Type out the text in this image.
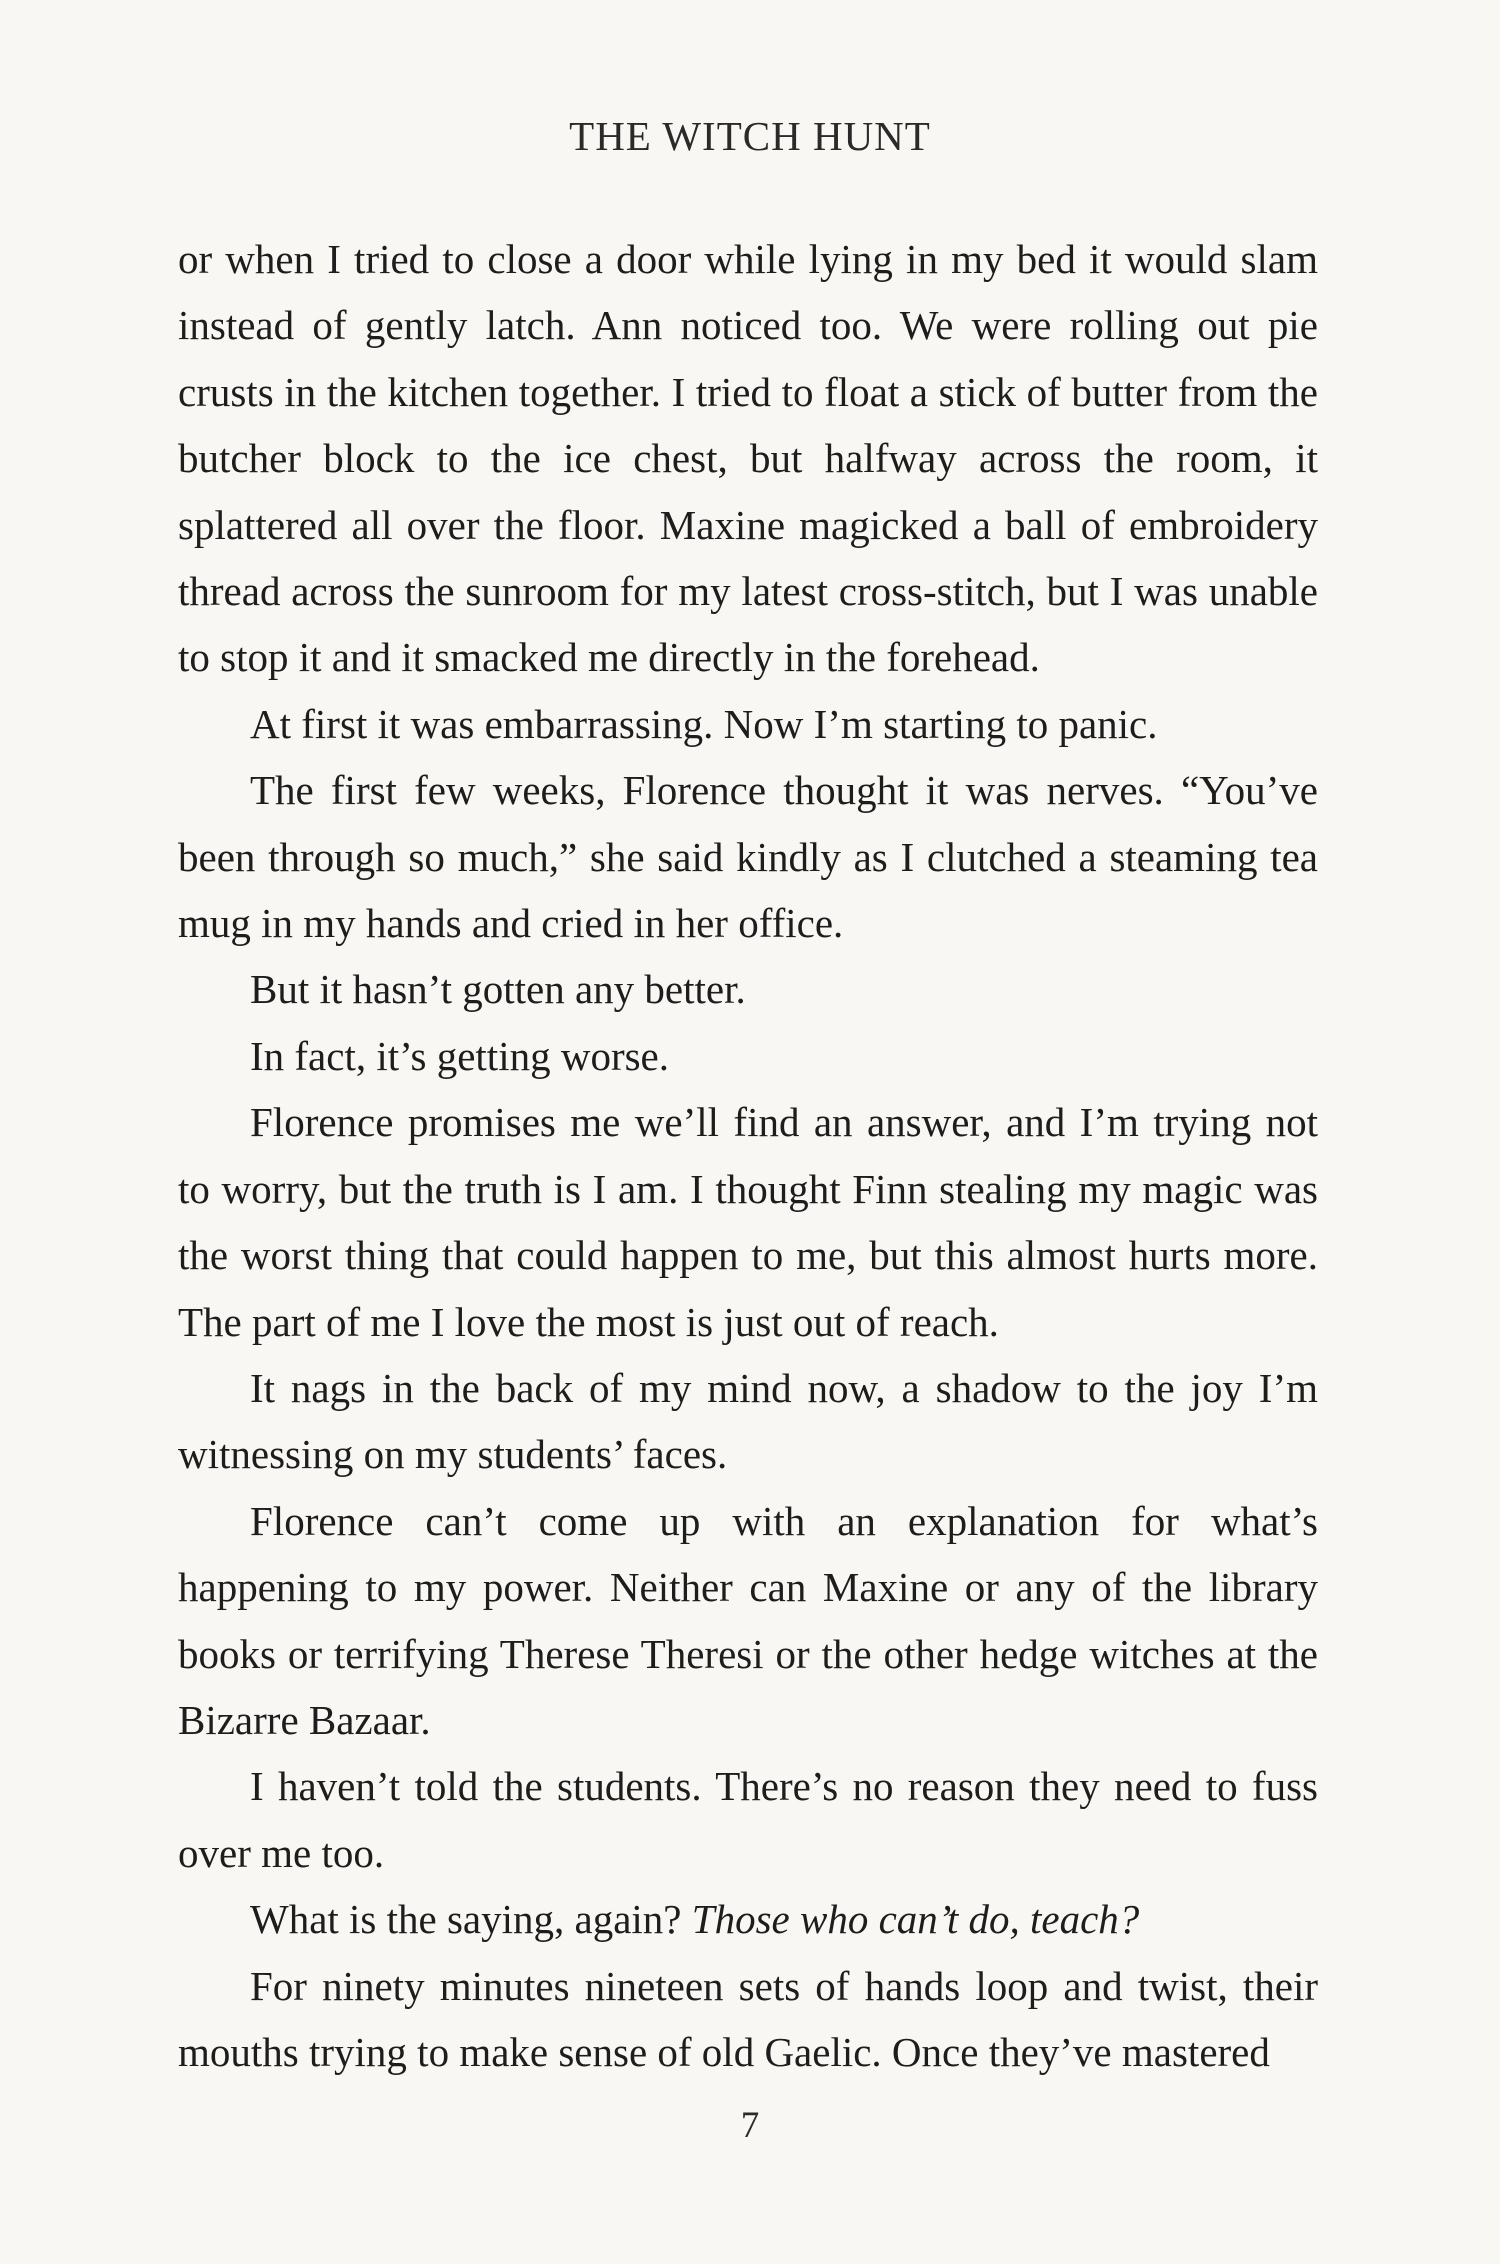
THE WITCH HUNT

or when I tried to close a door while lying in my bed it would slam instead of gently latch. Ann noticed too. We were rolling out pie crusts in the kitchen together. I tried to float a stick of butter from the butcher block to the ice chest, but halfway across the room, it splattered all over the floor. Maxine magicked a ball of embroidery thread across the sunroom for my latest cross-stitch, but I was unable to stop it and it smacked me directly in the forehead.

At first it was embarrassing. Now I’m starting to panic.

The first few weeks, Florence thought it was nerves. “You’ve been through so much,” she said kindly as I clutched a steaming tea mug in my hands and cried in her office.

But it hasn’t gotten any better.

In fact, it’s getting worse.

Florence promises me we’ll find an answer, and I’m trying not to worry, but the truth is I am. I thought Finn stealing my magic was the worst thing that could happen to me, but this almost hurts more. The part of me I love the most is just out of reach.

It nags in the back of my mind now, a shadow to the joy I’m witnessing on my students’ faces.

Florence can’t come up with an explanation for what’s happening to my power. Neither can Maxine or any of the library books or terrifying Therese Theresi or the other hedge witches at the Bizarre Bazaar.

I haven’t told the students. There’s no reason they need to fuss over me too.

What is the saying, again? Those who can’t do, teach?

For ninety minutes nineteen sets of hands loop and twist, their mouths trying to make sense of old Gaelic. Once they’ve mastered

7
